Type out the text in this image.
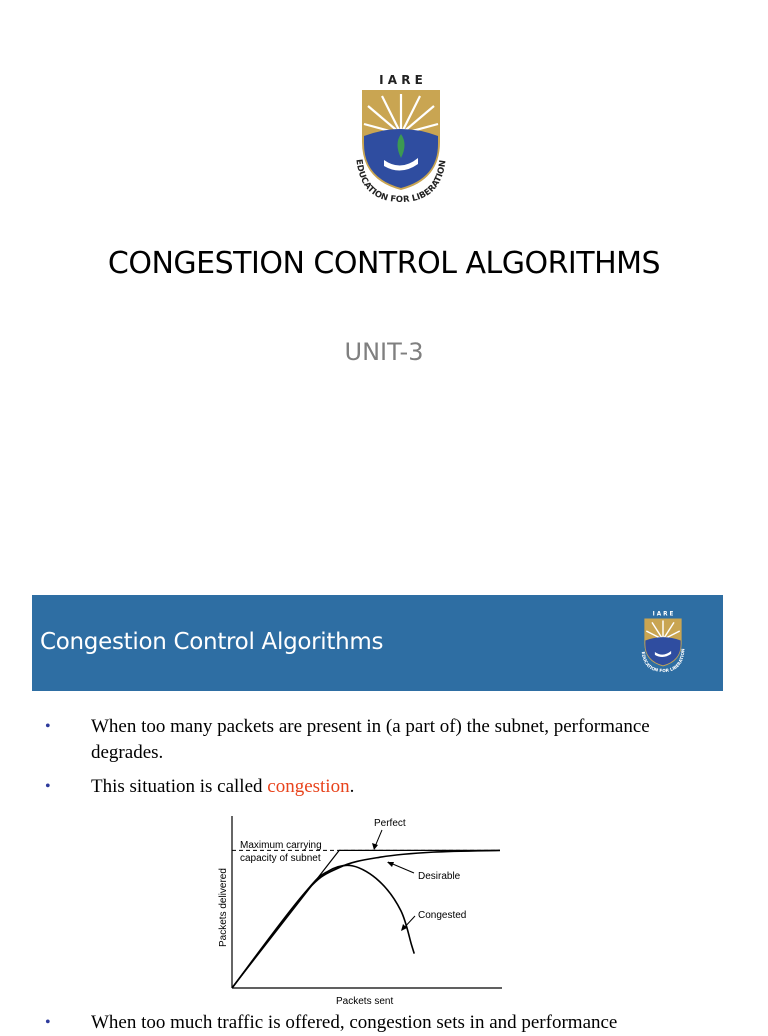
I A R E
EDUCATION FOR LIBERATION
CONGESTION CONTROL ALGORITHMS
UNIT-3
Congestion Control Algorithms
I A R E
EDUCATION FOR LIBERATION
• When too many packets are present in (a part of) the subnet, performance degrades.
• This situation is called congestion.
• When too much traffic is offered, congestion sets in and performance
Maximum carrying
capacity of subnet
Packets delivered
Packets sent
Perfect
Desirable
Congested
